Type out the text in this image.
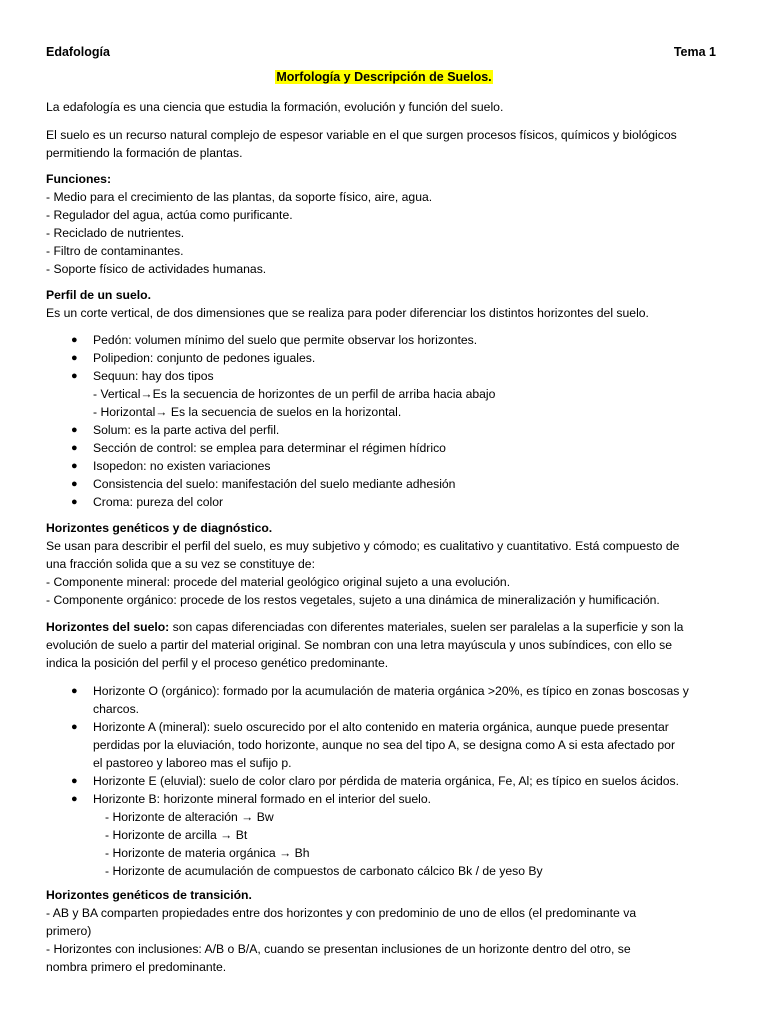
Edafología	Tema 1
Morfología y Descripción de Suelos.

La edafología es una ciencia que estudia la formación, evolución y función del suelo.

El suelo es un recurso natural complejo de espesor variable en el que surgen procesos físicos, químicos y biológicos
permitiendo la formación de plantas.

Funciones:
- Medio para el crecimiento de las plantas, da soporte físico, aire, agua.
- Regulador del agua, actúa como purificante.
- Reciclado de nutrientes.
- Filtro de contaminantes.
- Soporte físico de actividades humanas.
Perfil de un suelo.
Es un corte vertical, de dos dimensiones que se realiza para poder diferenciar los distintos horizontes del suelo.
● Pedón: volumen mínimo del suelo que permite observar los horizontes.
● Polipedion: conjunto de pedones iguales.
● Sequun: hay dos tipos
- Vertical→Es la secuencia de horizontes de un perfil de arriba hacia abajo
- Horizontal→ Es la secuencia de suelos en la horizontal.
● Solum: es la parte activa del perfil.
● Sección de control: se emplea para determinar el régimen hídrico
● Isopedon: no existen variaciones
● Consistencia del suelo: manifestación del suelo mediante adhesión
● Croma: pureza del color
Horizontes genéticos y de diagnóstico.
Se usan para describir el perfil del suelo, es muy subjetivo y cómodo; es cualitativo y cuantitativo. Está compuesto de
una fracción solida que a su vez se constituye de:
- Componente mineral: procede del material geológico original sujeto a una evolución.
- Componente orgánico: procede de los restos vegetales, sujeto a una dinámica de mineralización y humificación.
Horizontes del suelo: son capas diferenciadas con diferentes materiales, suelen ser paralelas a la superficie y son la
evolución de suelo a partir del material original. Se nombran con una letra mayúscula y unos subíndices, con ello se
indica la posición del perfil y el proceso genético predominante.
● Horizonte O (orgánico): formado por la acumulación de materia orgánica >20%, es típico en zonas boscosas y
charcos.
● Horizonte A (mineral): suelo oscurecido por el alto contenido en materia orgánica, aunque puede presentar
perdidas por la eluviación, todo horizonte, aunque no sea del tipo A, se designa como A si esta afectado por
el pastoreo y laboreo mas el sufijo p.
● Horizonte E (eluvial): suelo de color claro por pérdida de materia orgánica, Fe, Al; es típico en suelos ácidos.
● Horizonte B: horizonte mineral formado en el interior del suelo.
- Horizonte de alteración → Bw
- Horizonte de arcilla → Bt
- Horizonte de materia orgánica → Bh
- Horizonte de acumulación de compuestos de carbonato cálcico Bk / de yeso By
Horizontes genéticos de transición.
- AB y BA comparten propiedades entre dos horizontes y con predominio de uno de ellos (el predominante va
primero)
- Horizontes con inclusiones: A/B o B/A, cuando se presentan inclusiones de un horizonte dentro del otro, se
nombra primero el predominante.
